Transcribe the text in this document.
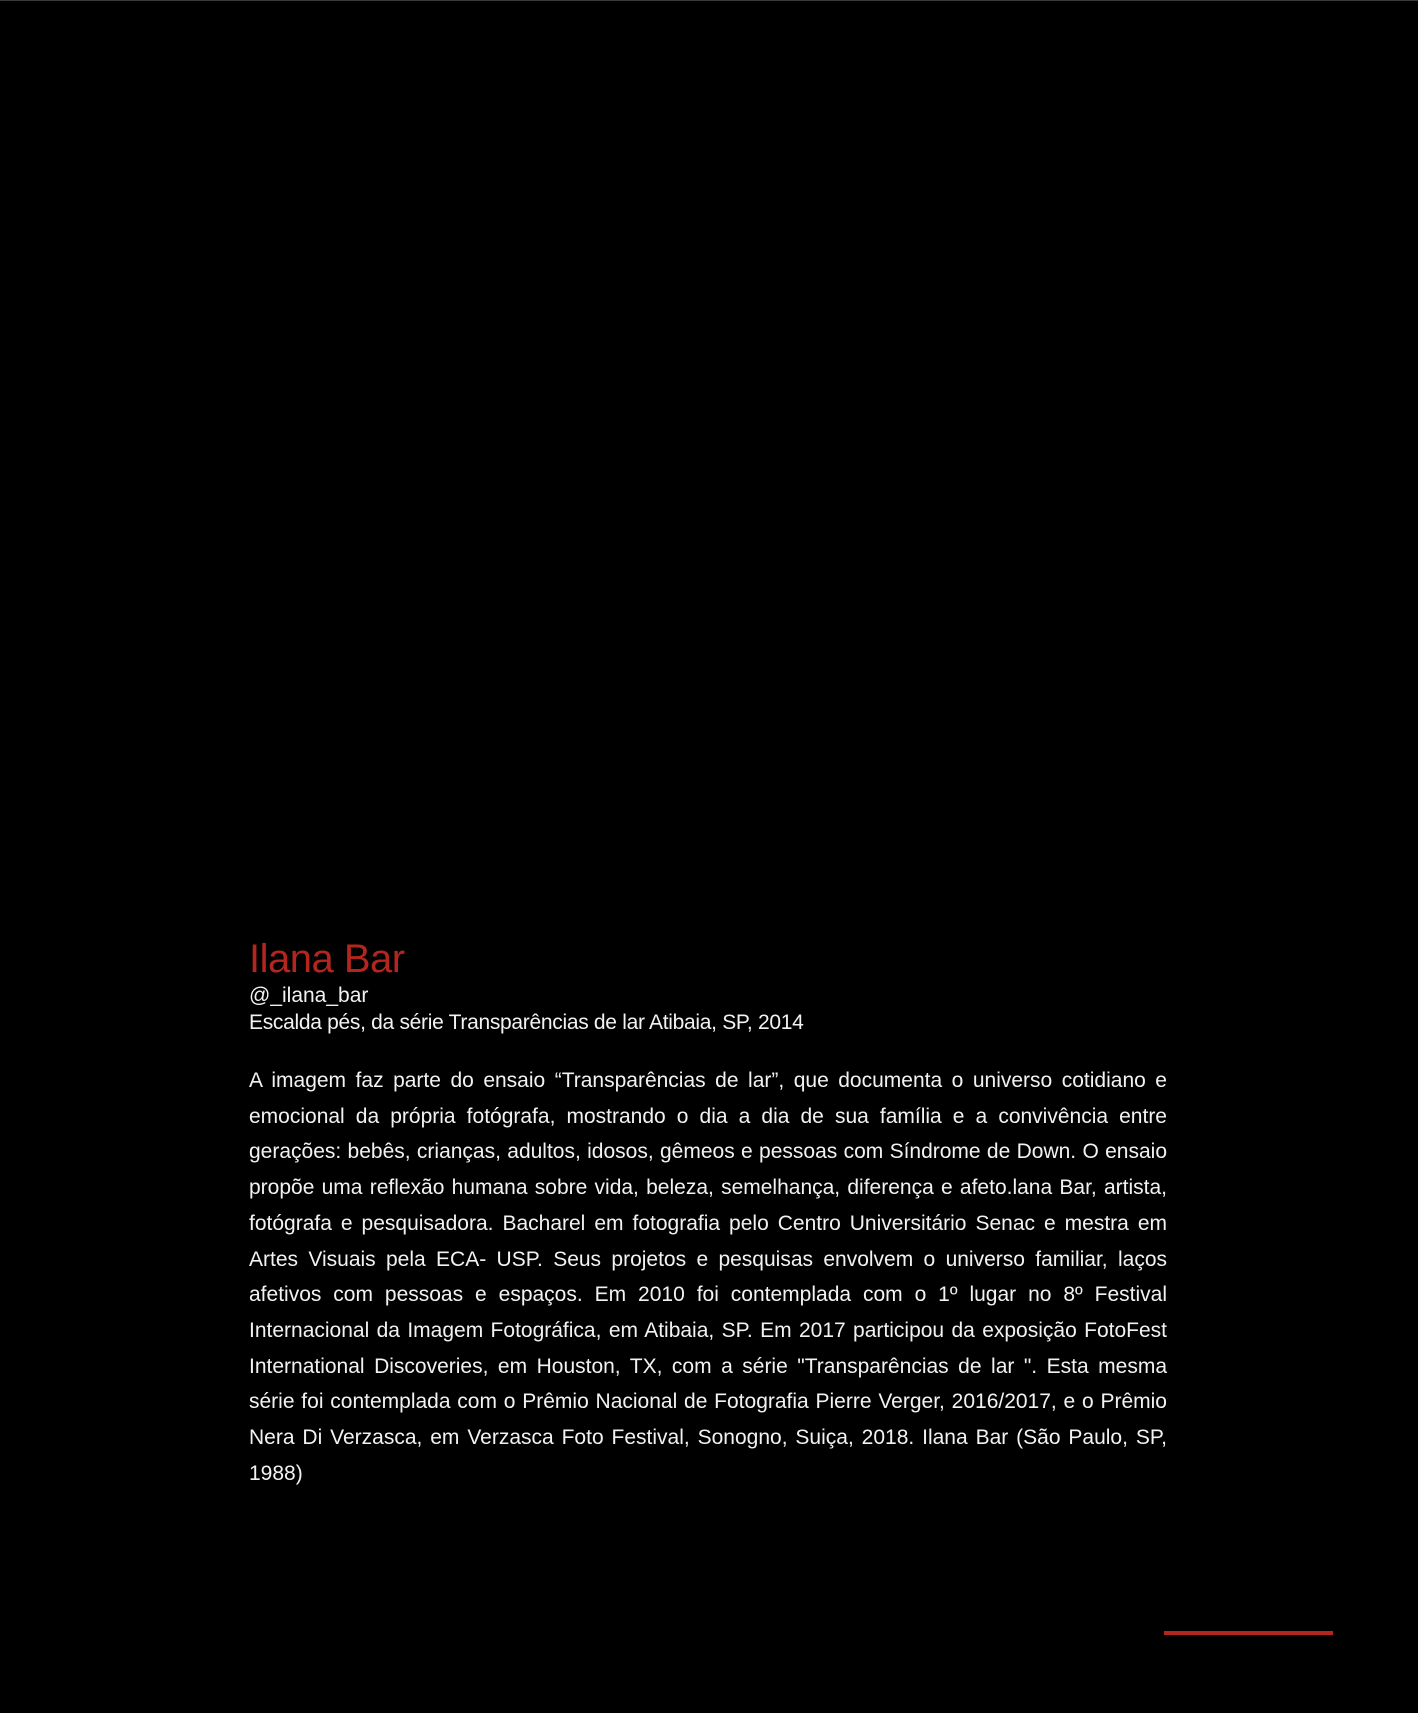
Ilana Bar

@_ilana_bar

Escalda pés, da série Transparências de lar Atibaia, SP, 2014

A imagem faz parte do ensaio “Transparências de lar”, que documenta o universo cotidiano e emocional da própria fotógrafa, mostrando o dia a dia de sua família e a convivência entre gerações: bebês, crianças, adultos, idosos, gêmeos e pessoas com Síndrome de Down. O ensaio propõe uma reflexão humana sobre vida, beleza, semelhança, diferença e afeto.lana Bar, artista, fotógrafa e pesquisadora. Bacharel em fotografia pelo Centro Universitário Senac e mestra em Artes Visuais pela ECA- USP. Seus projetos e pesquisas envolvem o universo familiar, laços afetivos com pessoas e espaços. Em 2010 foi contemplada com o 1º lugar no 8º Festival Internacional da Imagem Fotográfica, em Atibaia, SP. Em 2017 participou da exposição FotoFest International Discoveries, em Houston, TX, com a série "Transparências de lar ". Esta mesma série foi contemplada com o Prêmio Nacional de Fotografia Pierre Verger, 2016/2017, e o Prêmio Nera Di Verzasca, em Verzasca Foto Festival, Sonogno, Suiça, 2018. Ilana Bar (São Paulo, SP, 1988)
